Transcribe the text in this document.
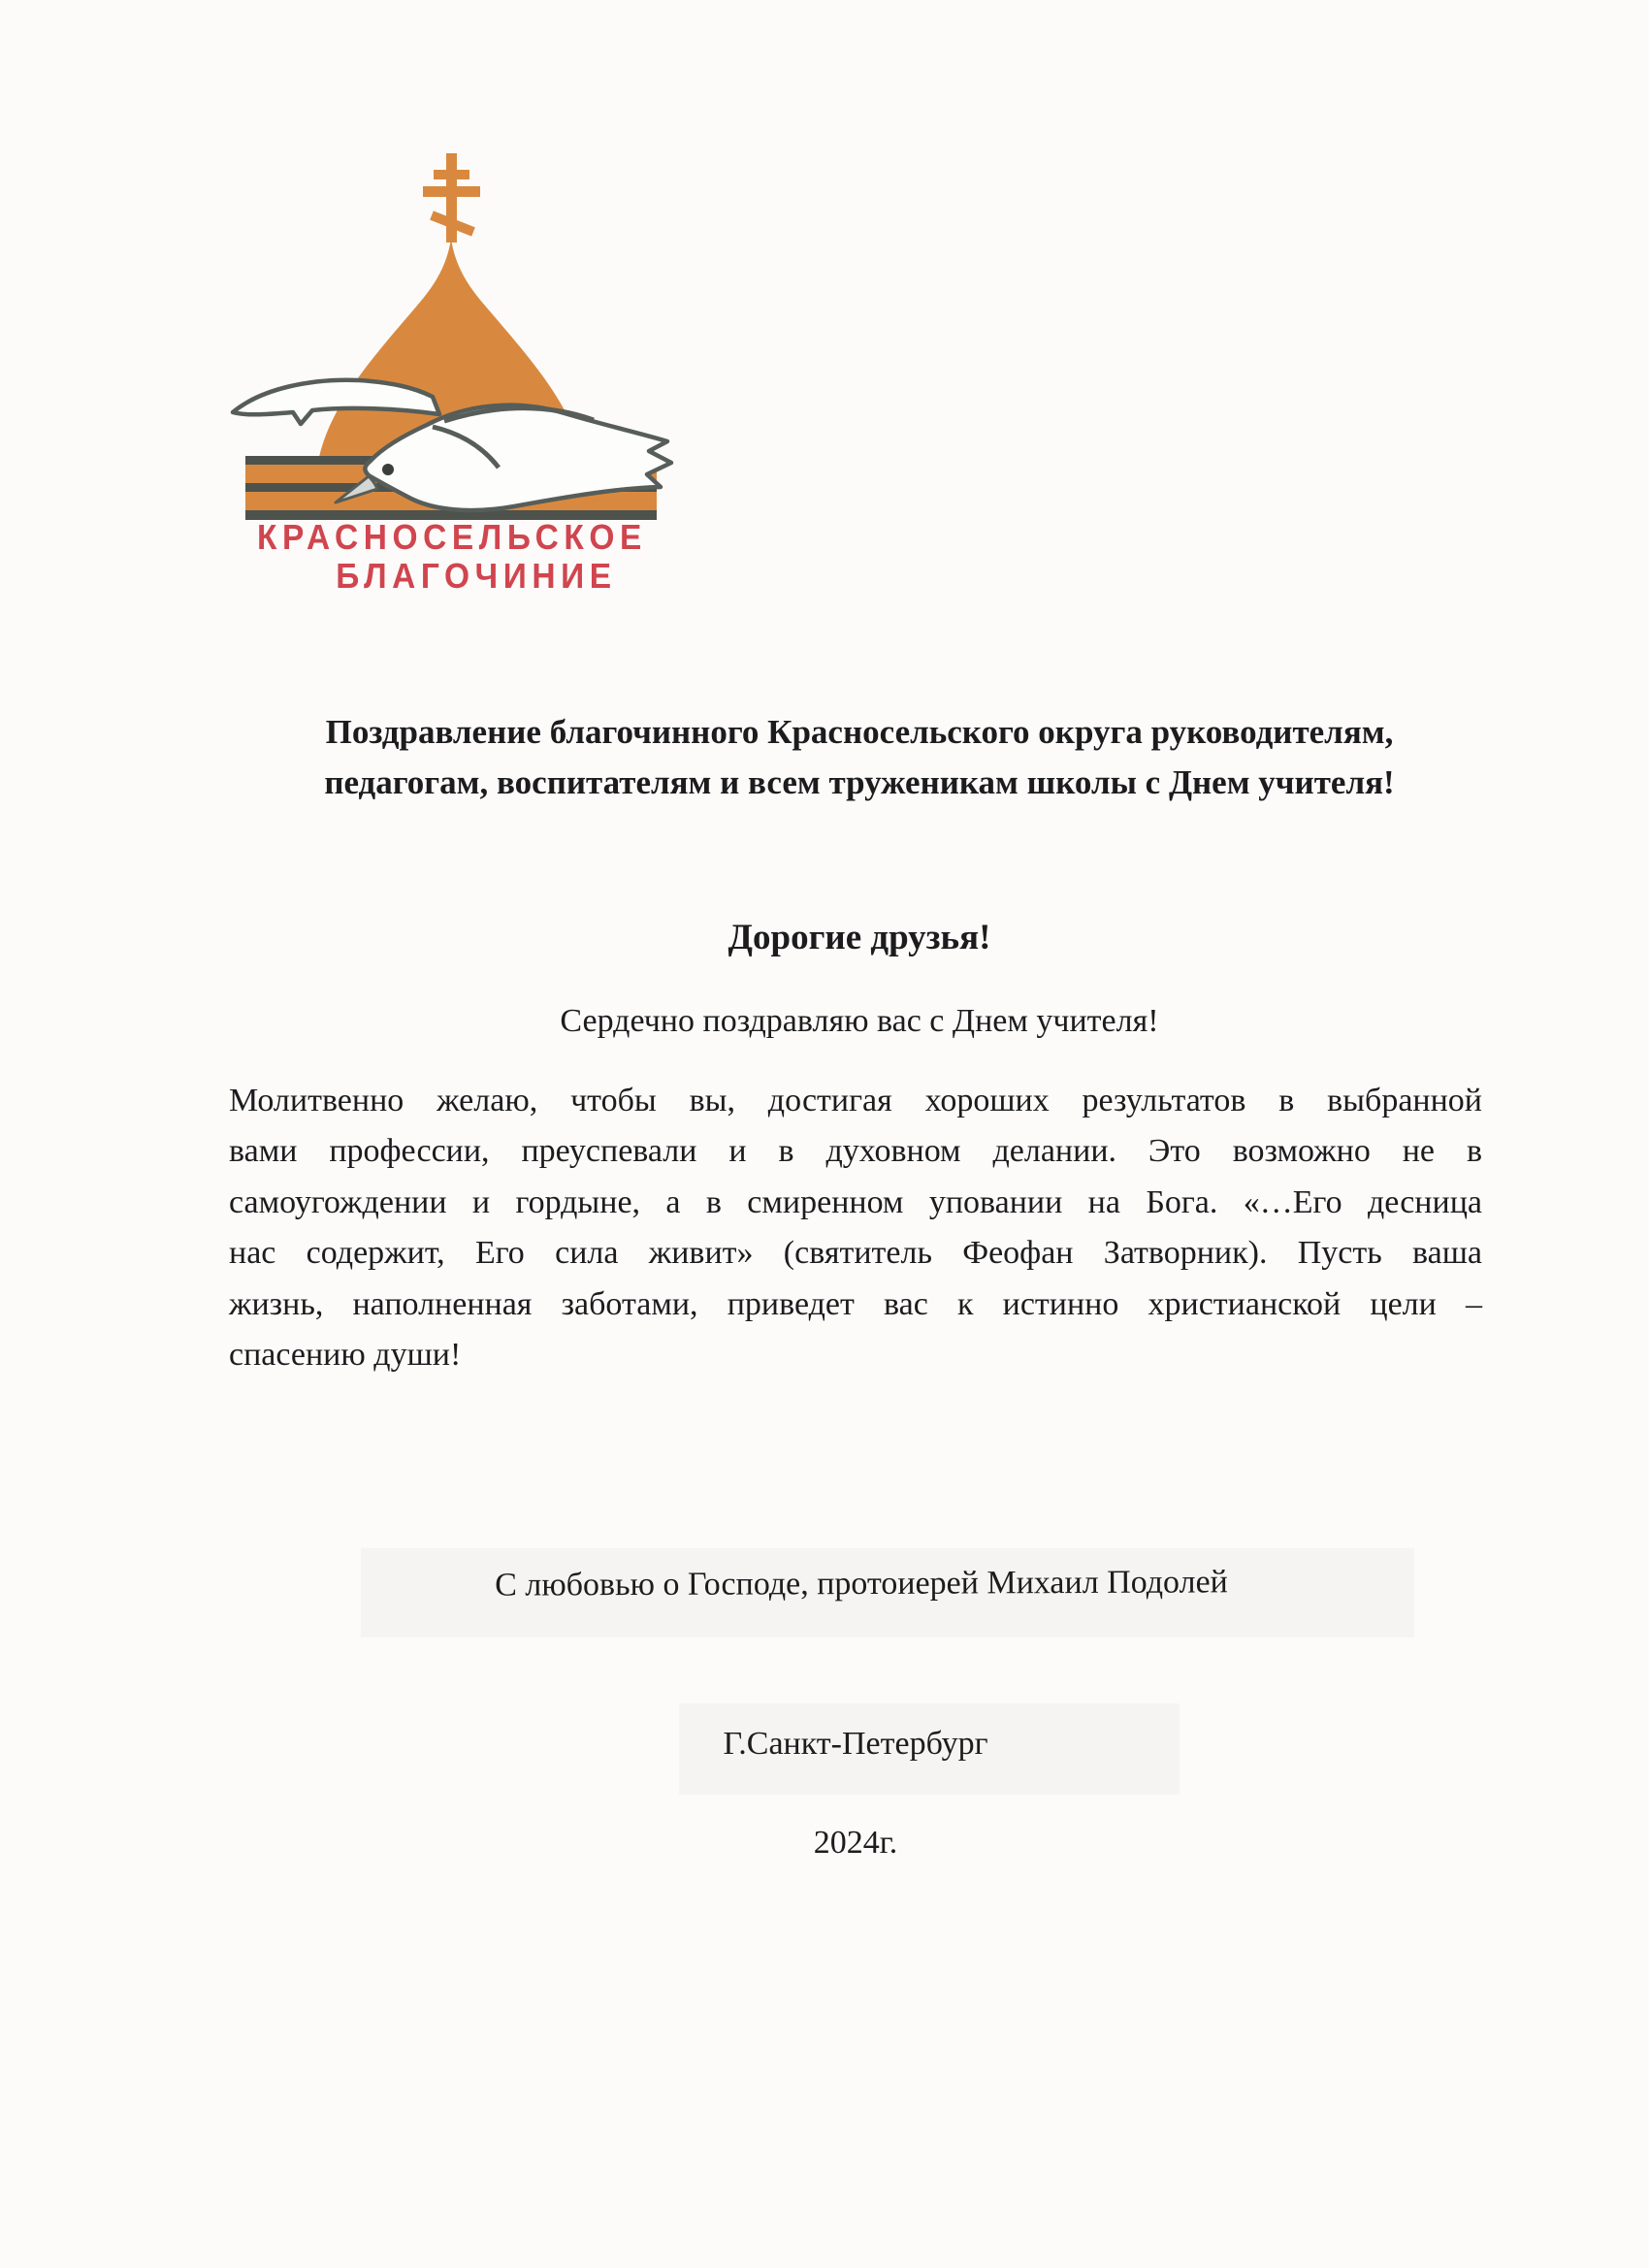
КРАСНОСЕЛЬСКОЕ
БЛАГОЧИНИЕ
Поздравление благочинного Красносельского округа руководителям,
педагогам, воспитателям и всем труженикам школы с Днем учителя!
Дорогие друзья!
Сердечно поздравляю вас с Днем учителя!
Молитвенно желаю, чтобы вы, достигая хороших результатов в выбранной
вами профессии, преуспевали и в духовном делании. Это возможно не в
самоугождении и гордыне, а в смиренном уповании на Бога. «…Его десница
нас содержит, Его сила живит» (святитель Феофан Затворник). Пусть ваша
жизнь, наполненная заботами, приведет вас к истинно христианской цели –
спасению души!
С любовью о Господе, протоиерей Михаил Подолей
Г.Санкт-Петербург
2024г.
